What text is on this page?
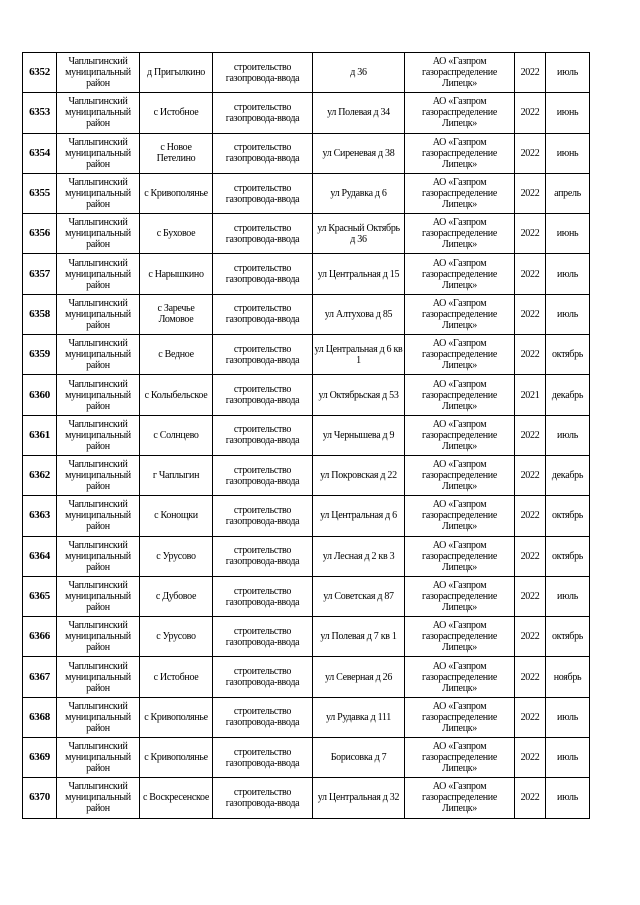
6352	Чаплыгинский муниципальный район	д Пригылкино	строительство газопровода-ввода	д 36	АО «Газпром газораспределение Липецк»	2022	июль
6353	Чаплыгинский муниципальный район	с Истобное	строительство газопровода-ввода	ул Полевая д 34	АО «Газпром газораспределение Липецк»	2022	июнь
6354	Чаплыгинский муниципальный район	с Новое Петелино	строительство газопровода-ввода	ул Сиреневая д 38	АО «Газпром газораспределение Липецк»	2022	июнь
6355	Чаплыгинский муниципальный район	с Кривополянье	строительство газопровода-ввода	ул Рудавка д 6	АО «Газпром газораспределение Липецк»	2022	апрель
6356	Чаплыгинский муниципальный район	с Буховое	строительство газопровода-ввода	ул Красный Октябрь д 36	АО «Газпром газораспределение Липецк»	2022	июнь
6357	Чаплыгинский муниципальный район	с Нарышкино	строительство газопровода-ввода	ул Центральная д 15	АО «Газпром газораспределение Липецк»	2022	июль
6358	Чаплыгинский муниципальный район	с Заречье Ломовое	строительство газопровода-ввода	ул Алтухова д 85	АО «Газпром газораспределение Липецк»	2022	июль
6359	Чаплыгинский муниципальный район	с Ведное	строительство газопровода-ввода	ул Центральная д 6 кв 1	АО «Газпром газораспределение Липецк»	2022	октябрь
6360	Чаплыгинский муниципальный район	с Колыбельское	строительство газопровода-ввода	ул Октябрьская д 53	АО «Газпром газораспределение Липецк»	2021	декабрь
6361	Чаплыгинский муниципальный район	с Солнцево	строительство газопровода-ввода	ул Чернышева д 9	АО «Газпром газораспределение Липецк»	2022	июль
6362	Чаплыгинский муниципальный район	г Чаплыгин	строительство газопровода-ввода	ул Покровская д 22	АО «Газпром газораспределение Липецк»	2022	декабрь
6363	Чаплыгинский муниципальный район	с Конощки	строительство газопровода-ввода	ул Центральная д 6	АО «Газпром газораспределение Липецк»	2022	октябрь
6364	Чаплыгинский муниципальный район	с Урусово	строительство газопровода-ввода	ул Лесная д 2 кв 3	АО «Газпром газораспределение Липецк»	2022	октябрь
6365	Чаплыгинский муниципальный район	с Дубовое	строительство газопровода-ввода	ул Советская д 87	АО «Газпром газораспределение Липецк»	2022	июль
6366	Чаплыгинский муниципальный район	с Урусово	строительство газопровода-ввода	ул Полевая д 7 кв 1	АО «Газпром газораспределение Липецк»	2022	октябрь
6367	Чаплыгинский муниципальный район	с Истобное	строительство газопровода-ввода	ул Северная д 26	АО «Газпром газораспределение Липецк»	2022	ноябрь
6368	Чаплыгинский муниципальный район	с Кривополянье	строительство газопровода-ввода	ул Рудавка д 111	АО «Газпром газораспределение Липецк»	2022	июль
6369	Чаплыгинский муниципальный район	с Кривополянье	строительство газопровода-ввода	Борисовка д 7	АО «Газпром газораспределение Липецк»	2022	июль
6370	Чаплыгинский муниципальный район	с Воскресенское	строительство газопровода-ввода	ул Центральная д 32	АО «Газпром газораспределение Липецк»	2022	июль
